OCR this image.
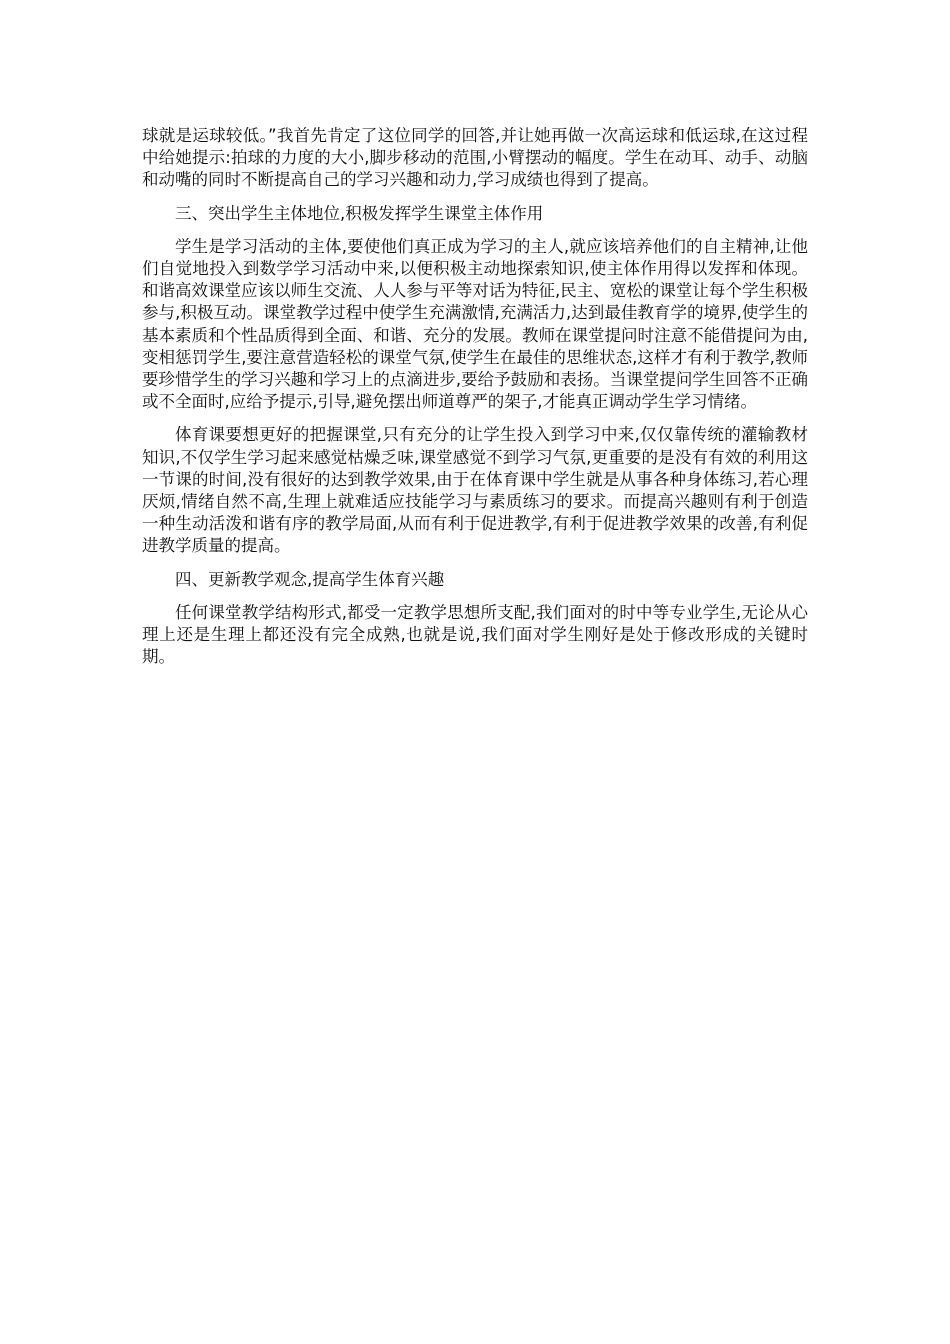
球就是运球较低。”我首先肯定了这位同学的回答,并让她再做一次高运球和低运球,在这过程中给她提示:拍球的力度的大小,脚步移动的范围,小臂摆动的幅度。学生在动耳、动手、动脑和动嘴的同时不断提高自己的学习兴趣和动力,学习成绩也得到了提高。

三、突出学生主体地位,积极发挥学生课堂主体作用

学生是学习活动的主体,要使他们真正成为学习的主人,就应该培养他们的自主精神,让他们自觉地投入到数学学习活动中来,以便积极主动地探索知识,使主体作用得以发挥和体现。和谐高效课堂应该以师生交流、人人参与平等对话为特征,民主、宽松的课堂让每个学生积极参与,积极互动。课堂教学过程中使学生充满激情,充满活力,达到最佳教育学的境界,使学生的基本素质和个性品质得到全面、和谐、充分的发展。教师在课堂提问时注意不能借提问为由,变相惩罚学生,要注意营造轻松的课堂气氛,使学生在最佳的思维状态,这样才有利于教学,教师要珍惜学生的学习兴趣和学习上的点滴进步,要给予鼓励和表扬。当课堂提问学生回答不正确或不全面时,应给予提示,引导,避免摆出师道尊严的架子,才能真正调动学生学习情绪。

体育课要想更好的把握课堂,只有充分的让学生投入到学习中来,仅仅靠传统的灌输教材知识,不仅学生学习起来感觉枯燥乏味,课堂感觉不到学习气氛,更重要的是没有有效的利用这一节课的时间,没有很好的达到教学效果,由于在体育课中学生就是从事各种身体练习,若心理厌烦,情绪自然不高,生理上就难适应技能学习与素质练习的要求。而提高兴趣则有利于创造一种生动活泼和谐有序的教学局面,从而有利于促进教学,有利于促进教学效果的改善,有利促进教学质量的提高。

四、更新教学观念,提高学生体育兴趣

任何课堂教学结构形式,都受一定教学思想所支配,我们面对的时中等专业学生,无论从心理上还是生理上都还没有完全成熟,也就是说,我们面对学生刚好是处于修改形成的关键时期。
